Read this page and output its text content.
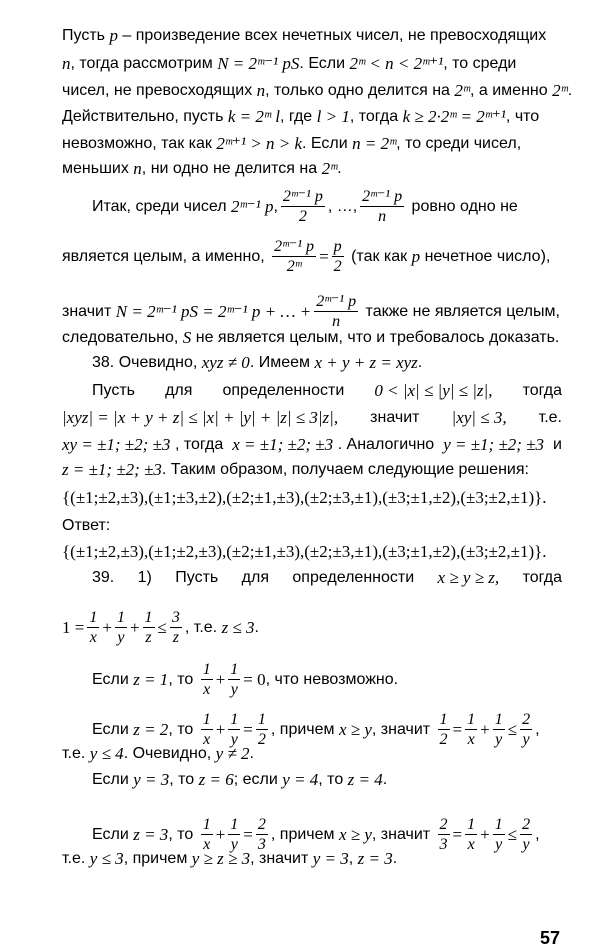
Пусть p – произведение всех нечетных чисел, не превосходящих
n , тогда рассмотрим N = 2ᵐ⁻¹ pS . Если 2ᵐ < n < 2ᵐ⁺¹ , то среди
чисел, не превосходящих n , только одно делится на 2ᵐ , а именно 2ᵐ .
Действительно, пусть k = 2ᵐ l , где l > 1 , тогда k ≥ 2·2ᵐ = 2ᵐ⁺¹ , что
невозможно, так как 2ᵐ⁺¹ > n > k . Если n = 2ᵐ , то среди чисел,
меньших n , ни одно не делится на 2ᵐ .
Итак, среди чисел 2ᵐ⁻¹ p , $\frac{\text{2ᵐ⁻¹ p}}{2}$ , …, $\frac{\text{2ᵐ⁻¹ p}}{n}$ ровно одно не
является целым, а именно, $\frac{\text{2ᵐ⁻¹ p}}{\text{2ᵐ}} = \frac{p}{2} (так$ как p нечетное число),
значит N = 2ᵐ⁻¹ pS = 2ᵐ⁻¹ p + … + $\frac{\text{2ᵐ⁻¹ p}}{n}$ также не является целым,
следовательно, S не является целым, что и требовалось доказать.
38. Очевидно, xyz ≠ 0 . Имеем x + y + z = xyz .
Пусть для определенности 0 < |x| ≤ |y| ≤ |z|, тогда
|xyz| = |x + y + z| ≤ |x| + |y| + |z| ≤ 3|z|, значит |xy| ≤ 3, т.е.
xy = ±1; ±2; ±3 , тогда x = ±1; ±2; ±3 . Аналогично y = ±1; ±2; ±3 и
z = ±1; ±2; ±3 . Таким образом, получаем следующие решения:
{(±1;±2,±3),(±1;±3,±2),(±2;±1,±3),(±2;±3,±1),(±3;±1,±2),(±3;±2,±1)}.
Ответ:
{(±1;±2,±3),(±1;±2,±3),(±2;±1,±3),(±2;±3,±1),(±3;±1,±2),(±3;±2,±1)}.
39. 1) Пусть для определенности x ≥ y ≥ z, тогда
$1 = \frac{1}{x} + \frac{1}{y} + \frac{1}{z} \le \frac{3}{z}$ , т.е. z ≤ 3 .
Если z = 1 , то $\frac{1}{x} + \frac{1}{y} = 0$ , что невозможно.
Если z = 2 , то $\frac{1}{x} + \frac{1}{y} = \frac{1}{2}$ , причем x ≥ y , значит $\frac{1}{2} = \frac{1}{x} + \frac{1}{y} \le \frac{2}{y}$ ,
т.е. y ≤ 4 . Очевидно, y ≠ 2 .
Если y = 3 , то z = 6 ; если y = 4 , то z = 4 .
Если z = 3 , то $\frac{1}{x} + \frac{1}{y} = \frac{2}{3}$ , причем x ≥ y , значит $\frac{2}{3} = \frac{1}{x} + \frac{1}{y} \le \frac{2}{y}$ ,
т.е. y ≤ 3 , причем y ≥ z ≥ 3 , значит y = 3 , z = 3 .
57
